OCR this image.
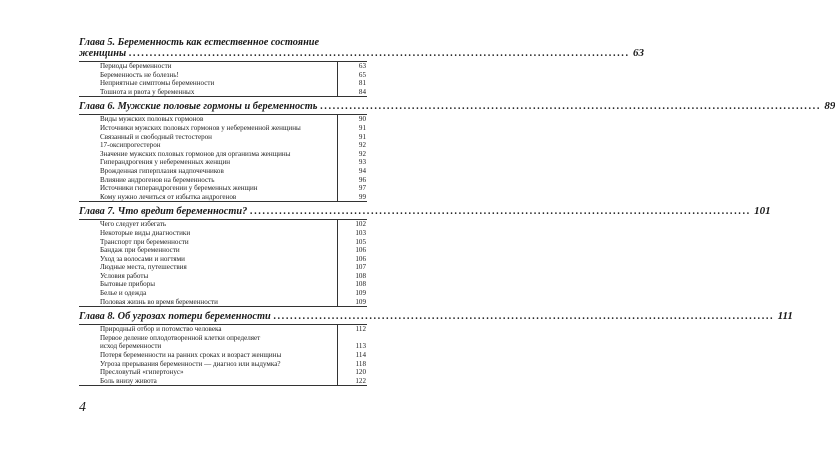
Глава 5. Беременность как естественное состояние
женщины ........................................................................................................................ 63
Периоды беременности	63
Беременность не болезнь!	65
Неприятные симптомы беременности	81
Тошнота и рвота у беременных	84
Глава 6. Мужские половые гормоны и беременность ........................................................................................................................ 89
Виды мужских половых гормонов	90
Источники мужских половых гормонов у небеременной женщины	91
Связанный и свободный тестостерон	91
17-оксипрогестерон	92
Значение мужских половых гормонов для организма женщины	92
Гиперандрогения у небеременных женщин	93
Врожденная гиперплазия надпочечников	94
Влияние андрогенов на беременность	96
Источники гиперандрогении у беременных женщин	97
Кому нужно лечиться от избытка андрогенов	99
Глава 7. Что вредит беременности? ........................................................................................................................ 101
Чего следует избегать	102
Некоторые виды диагностики	103
Транспорт при беременности	105
Бандаж при беременности	106
Уход за волосами и ногтями	106
Людные места, путешествия	107
Условия работы	108
Бытовые приборы	108
Белье и одежда	109
Половая жизнь во время беременности	109
Глава 8. Об угрозах потери беременности ........................................................................................................................ 111
Природный отбор и потомство человека	112
Первое деление оплодотворенной клетки определяет
исход беременности	113
Потеря беременности на ранних сроках и возраст женщины	114
Угроза прерывания беременности — диагноз или выдумка?	118
Пресловутый «гипертонус»	120
Боль внизу живота	122
4
